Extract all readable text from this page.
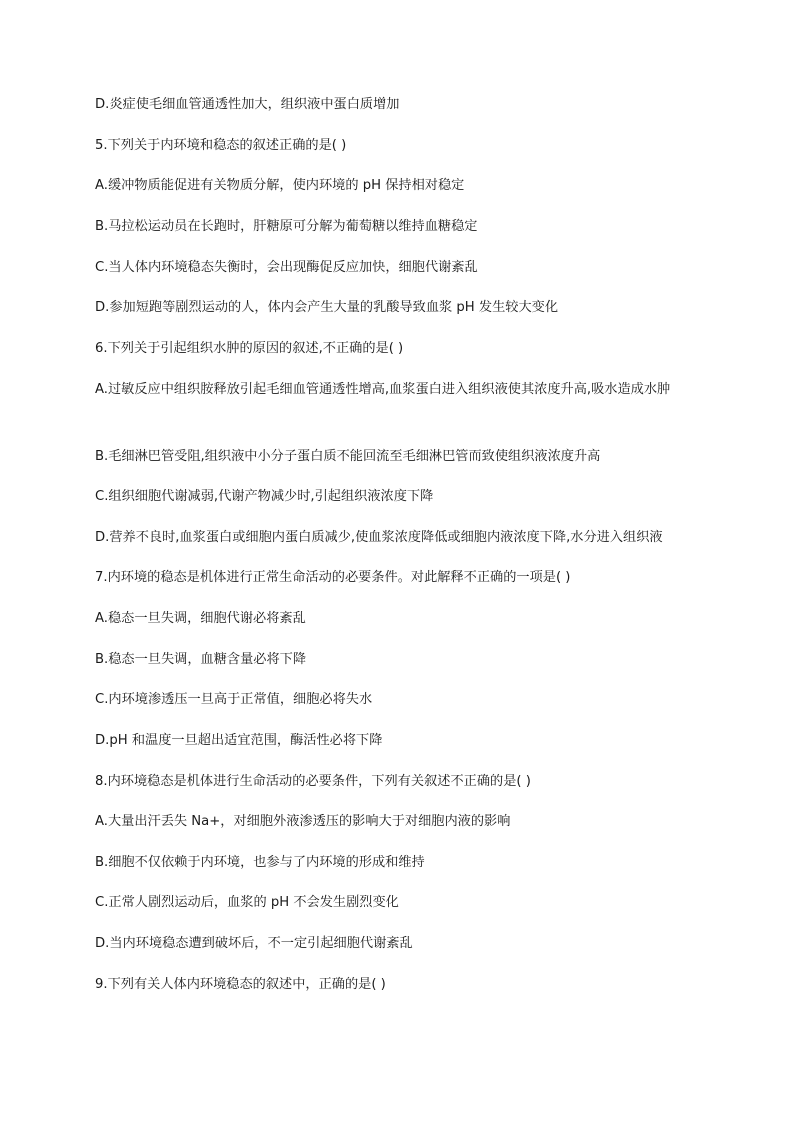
D.炎症使毛细血管通透性加大，组织液中蛋白质增加
5.下列关于内环境和稳态的叙述正确的是( )
A.缓冲物质能促进有关物质分解，使内环境的 pH 保持相对稳定
B.马拉松运动员在长跑时，肝糖原可分解为葡萄糖以维持血糖稳定
C.当人体内环境稳态失衡时，会出现酶促反应加快，细胞代谢紊乱
D.参加短跑等剧烈运动的人，体内会产生大量的乳酸导致血浆 pH 发生较大变化
6.下列关于引起组织水肿的原因的叙述,不正确的是( )
A.过敏反应中组织胺释放引起毛细血管通透性增高,血浆蛋白进入组织液使其浓度升高,吸水造成水肿
B.毛细淋巴管受阻,组织液中小分子蛋白质不能回流至毛细淋巴管而致使组织液浓度升高
C.组织细胞代谢减弱,代谢产物减少时,引起组织液浓度下降
D.营养不良时,血浆蛋白或细胞内蛋白质减少,使血浆浓度降低或细胞内液浓度下降,水分进入组织液
7.内环境的稳态是机体进行正常生命活动的必要条件。对此解释不正确的一项是( )
A.稳态一旦失调，细胞代谢必将紊乱
B.稳态一旦失调，血糖含量必将下降
C.内环境渗透压一旦高于正常值，细胞必将失水
D.pH 和温度一旦超出适宜范围，酶活性必将下降
8.内环境稳态是机体进行生命活动的必要条件，下列有关叙述不正确的是( )
A.大量出汗丢失 Na+，对细胞外液渗透压的影响大于对细胞内液的影响
B.细胞不仅依赖于内环境，也参与了内环境的形成和维持
C.正常人剧烈运动后，血浆的 pH 不会发生剧烈变化
D.当内环境稳态遭到破坏后，不一定引起细胞代谢紊乱
9.下列有关人体内环境稳态的叙述中，正确的是( )
